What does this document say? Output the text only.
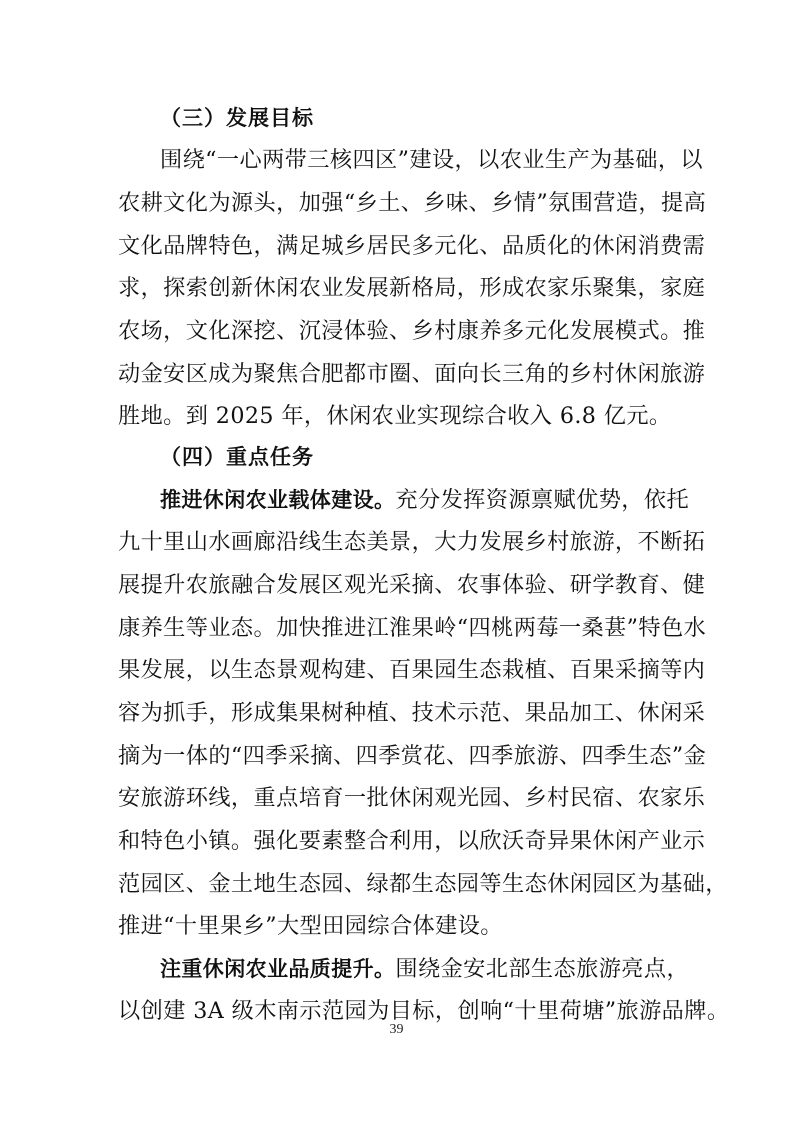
（三）发展目标
围绕“一心两带三核四区”建设，以农业生产为基础，以
农耕文化为源头，加强“乡土、乡味、乡情”氛围营造，提高
文化品牌特色，满足城乡居民多元化、品质化的休闲消费需
求，探索创新休闲农业发展新格局，形成农家乐聚集，家庭
农场，文化深挖、沉浸体验、乡村康养多元化发展模式。推
动金安区成为聚焦合肥都市圈、面向长三角的乡村休闲旅游
胜地。到 2025 年，休闲农业实现综合收入 6.8 亿元。
（四）重点任务
推进休闲农业载体建设。充分发挥资源禀赋优势，依托
九十里山水画廊沿线生态美景，大力发展乡村旅游，不断拓
展提升农旅融合发展区观光采摘、农事体验、研学教育、健
康养生等业态。加快推进江淮果岭“四桃两莓一桑葚”特色水
果发展，以生态景观构建、百果园生态栽植、百果采摘等内
容为抓手，形成集果树种植、技术示范、果品加工、休闲采
摘为一体的“四季采摘、四季赏花、四季旅游、四季生态”金
安旅游环线，重点培育一批休闲观光园、乡村民宿、农家乐
和特色小镇。强化要素整合利用，以欣沃奇异果休闲产业示
范园区、金土地生态园、绿都生态园等生态休闲园区为基础，
推进“十里果乡”大型田园综合体建设。
注重休闲农业品质提升。围绕金安北部生态旅游亮点，
以创建 3A 级木南示范园为目标，创响“十里荷塘”旅游品牌。
39
